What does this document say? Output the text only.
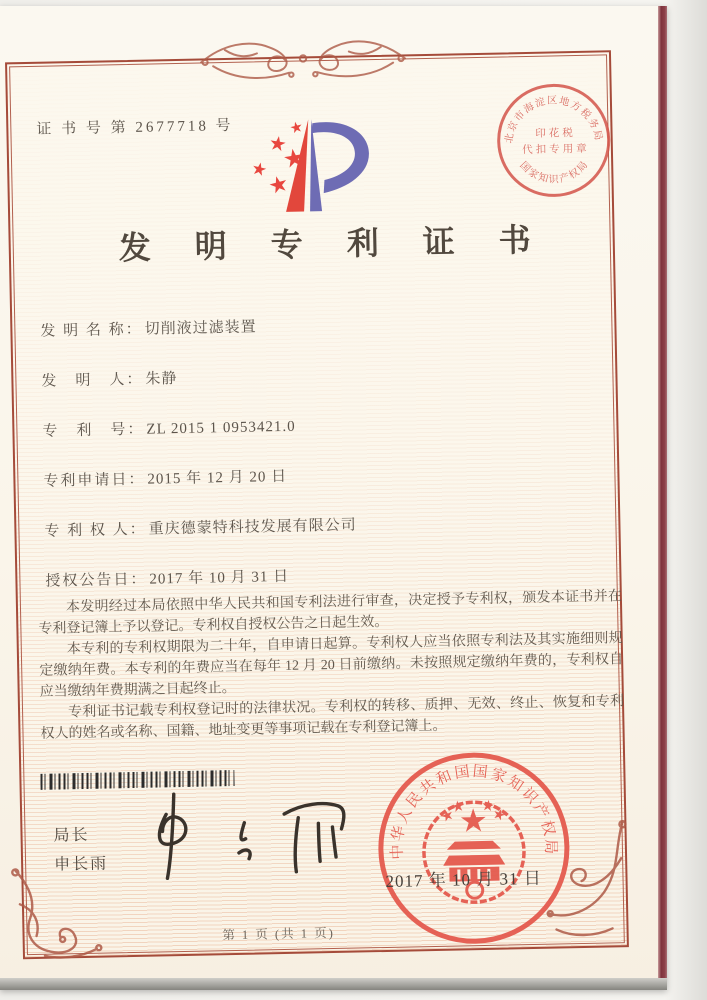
证 书 号 第 2677718 号	北京市海淀区地方税务局
国家知识产权局
印花税
代扣专用章
发 明 专 利 证 书
发 明 名 称： 切削液过滤装置
发　明　人： 朱静
专　利　号： ZL 2015 1 0953421.0
专利申请日： 2015 年 12 月 20 日
专 利 权 人： 重庆德蒙特科技发展有限公司
授权公告日： 2017 年 10 月 31 日

本发明经过本局依照中华人民共和国专利法进行审查，决定授予专利权，颁发本证书并在专利登记簿上予以登记。专利权自授权公告之日起生效。

本专利的专利权期限为二十年，自申请日起算。专利权人应当依照专利法及其实施细则规定缴纳年费。本专利的年费应当在每年 12 月 20 日前缴纳。未按照规定缴纳年费的，专利权自应当缴纳年费期满之日起终止。

专利证书记载专利权登记时的法律状况。专利权的转移、质押、无效、终止、恢复和专利权人的姓名或名称、国籍、地址变更等事项记载在专利登记簿上。

局长
申长雨
中华人民共和国国家知识产权局
2017 年 10 月 31 日
第 1 页 (共 1 页)
